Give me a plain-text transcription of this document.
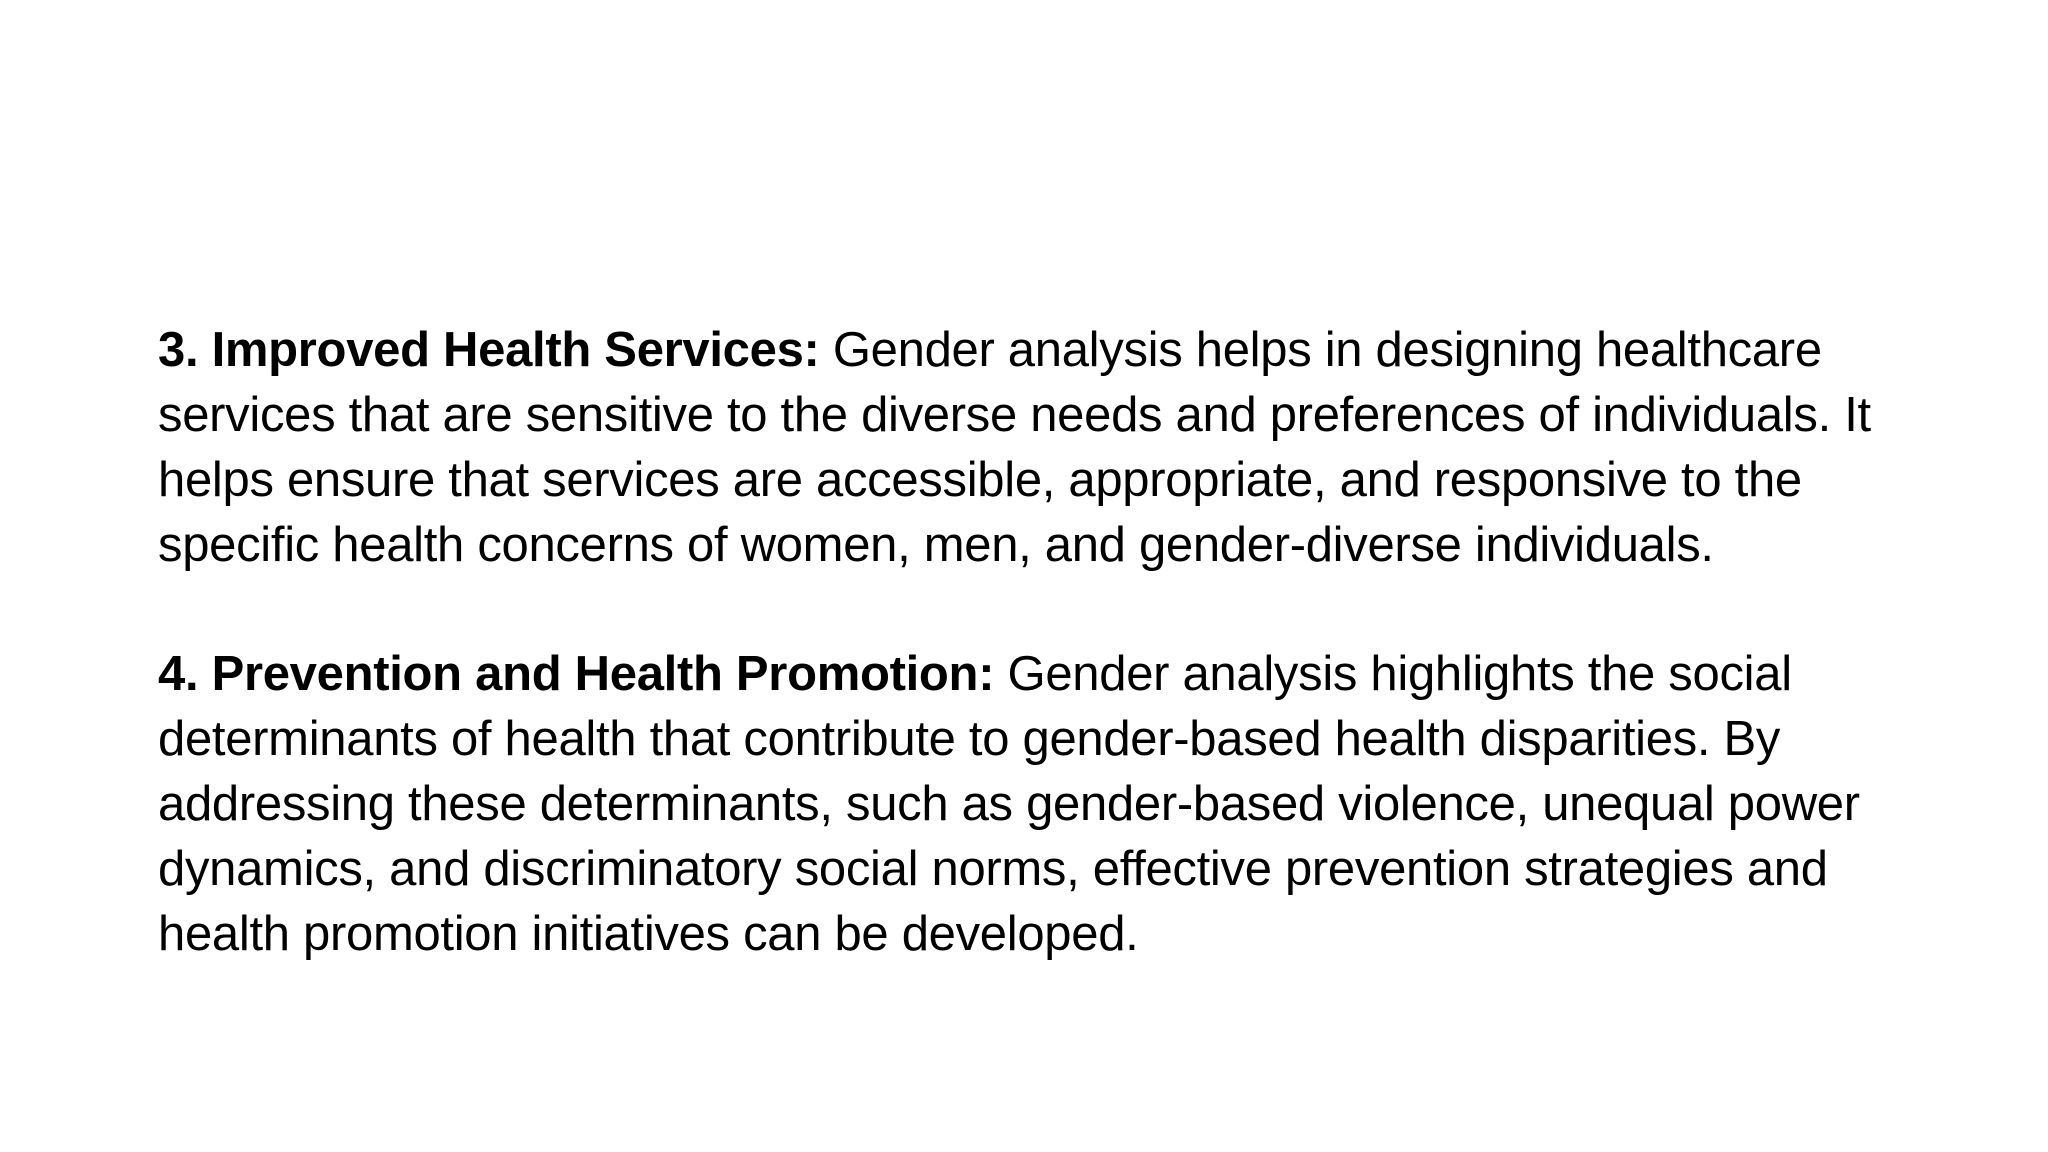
3. Improved Health Services: Gender analysis helps in designing healthcare services that are sensitive to the diverse needs and preferences of individuals. It helps ensure that services are accessible, appropriate, and responsive to the specific health concerns of women, men, and gender-diverse individuals.

4. Prevention and Health Promotion: Gender analysis highlights the social determinants of health that contribute to gender-based health disparities. By addressing these determinants, such as gender-based violence, unequal power dynamics, and discriminatory social norms, effective prevention strategies and health promotion initiatives can be developed.
